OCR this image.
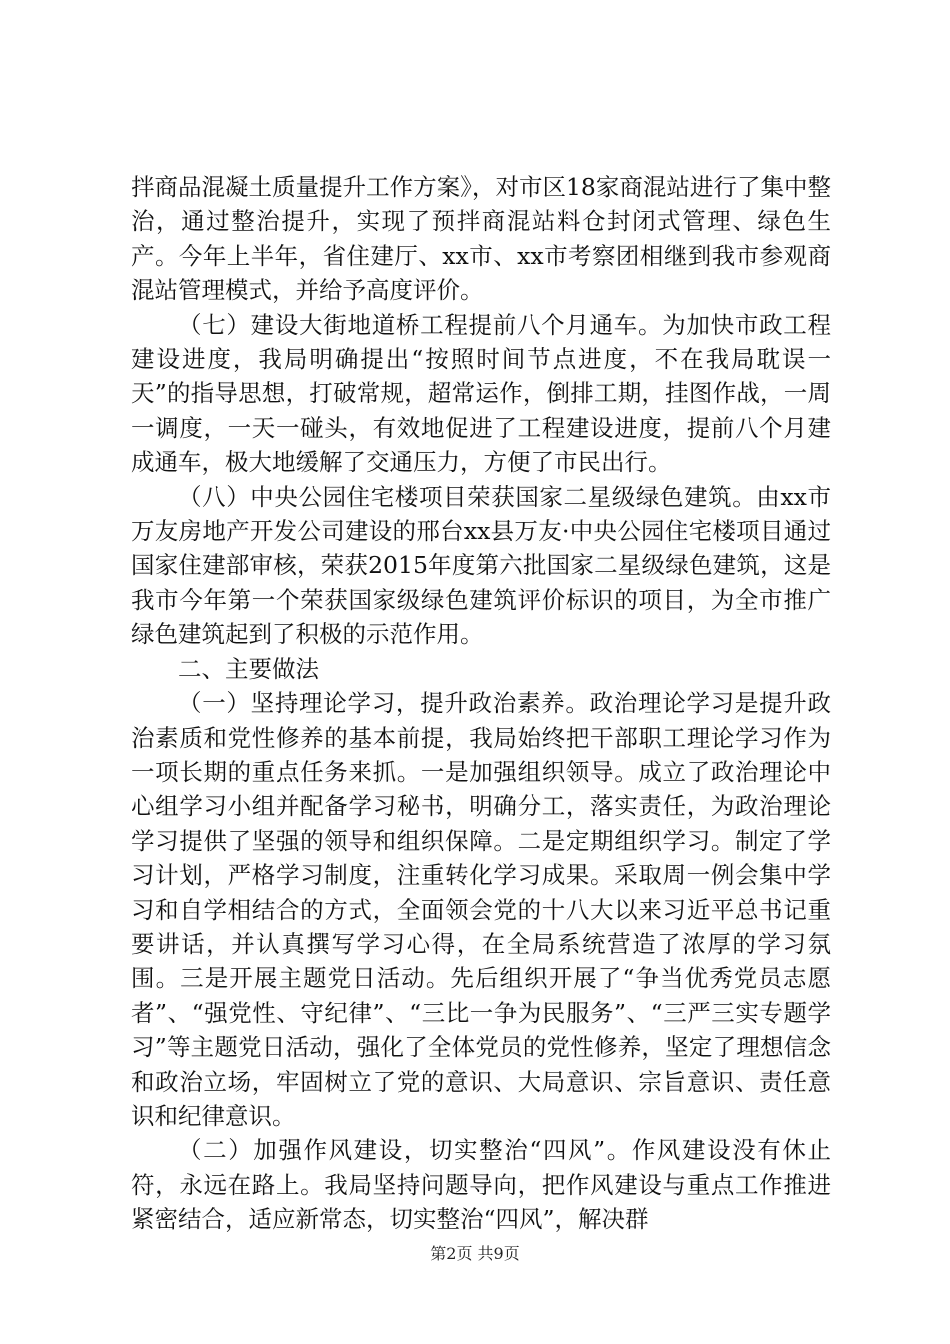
拌商品混凝土质量提升工作方案》，对市区18家商混站进行了集中整治，通过整治提升，实现了预拌商混站料仓封闭式管理、绿色生产。今年上半年，省住建厅、xx市、xx市考察团相继到我市参观商混站管理模式，并给予高度评价。

（七）建设大街地道桥工程提前八个月通车。为加快市政工程建设进度，我局明确提出“按照时间节点进度，不在我局耽误一天”的指导思想，打破常规，超常运作，倒排工期，挂图作战，一周一调度，一天一碰头，有效地促进了工程建设进度，提前八个月建成通车，极大地缓解了交通压力，方便了市民出行。

（八）中央公园住宅楼项目荣获国家二星级绿色建筑。由xx市万友房地产开发公司建设的邢台xx县万友·中央公园住宅楼项目通过国家住建部审核，荣获2015年度第六批国家二星级绿色建筑，这是我市今年第一个荣获国家级绿色建筑评价标识的项目，为全市推广绿色建筑起到了积极的示范作用。

二、主要做法

（一）坚持理论学习，提升政治素养。政治理论学习是提升政治素质和党性修养的基本前提，我局始终把干部职工理论学习作为一项长期的重点任务来抓。一是加强组织领导。成立了政治理论中心组学习小组并配备学习秘书，明确分工，落实责任，为政治理论学习提供了坚强的领导和组织保障。二是定期组织学习。制定了学习计划，严格学习制度，注重转化学习成果。采取周一例会集中学习和自学相结合的方式，全面领会党的十八大以来习近平总书记重要讲话，并认真撰写学习心得，在全局系统营造了浓厚的学习氛围。三是开展主题党日活动。先后组织开展了“争当优秀党员志愿者”、“强党性、守纪律”、“三比一争为民服务”、“三严三实专题学习”等主题党日活动，强化了全体党员的党性修养，坚定了理想信念和政治立场，牢固树立了党的意识、大局意识、宗旨意识、责任意识和纪律意识。

（二）加强作风建设，切实整治“四风”。作风建设没有休止符，永远在路上。我局坚持问题导向，把作风建设与重点工作推进紧密结合，适应新常态，切实整治“四风”，解决群

第2页 共9页
